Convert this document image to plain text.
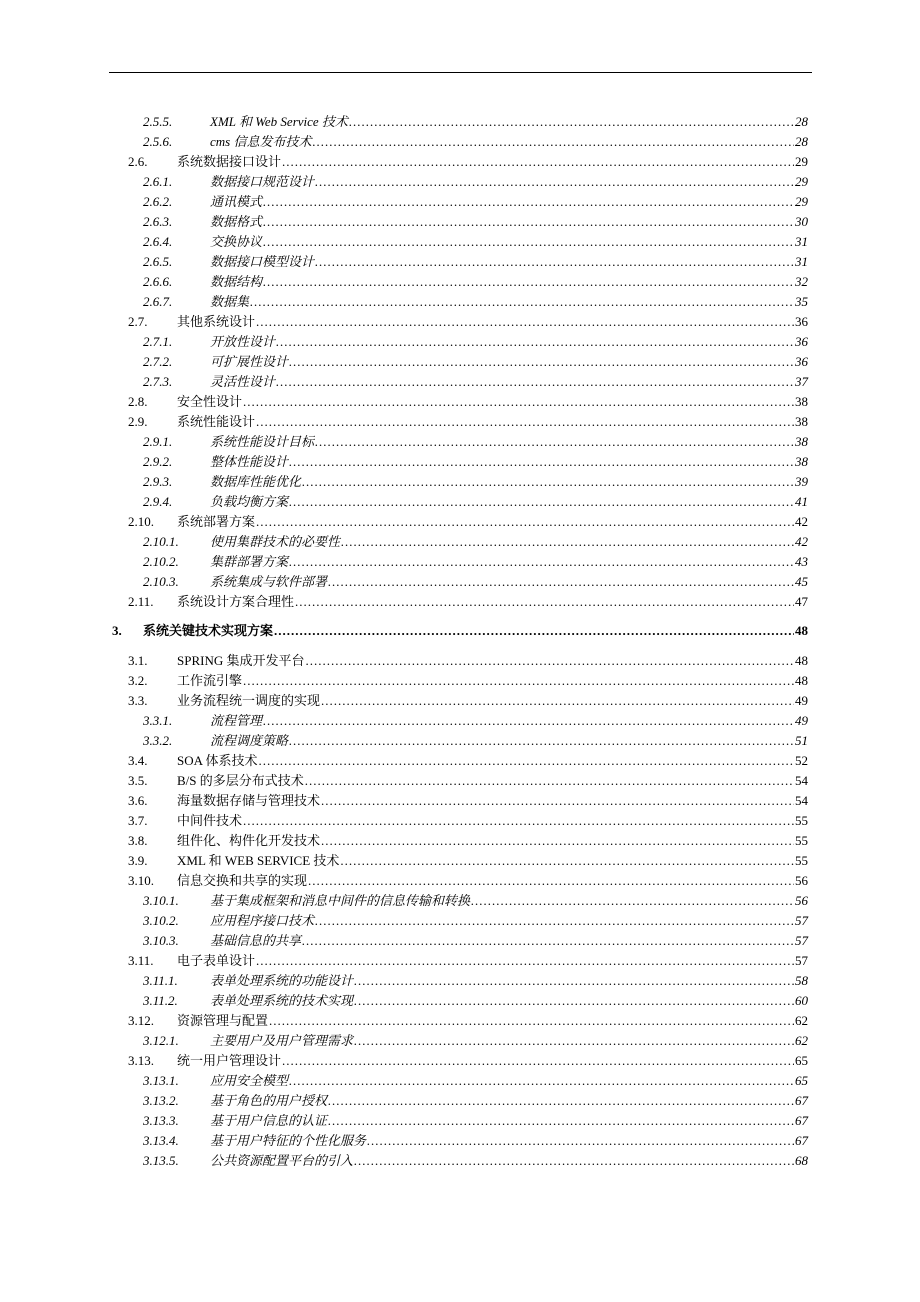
2.5.5.	XML 和 Web Service 技术 .....	28
2.5.6.	cms 信息发布技术 .....	28
2.6. 系统数据接口设计 .....	29
2.6.1.	数据接口规范设计 .....	29
2.6.2.	通讯模式 .....	29
2.6.3.	数据格式 .....	30
2.6.4.	交换协议 .....	31
2.6.5.	数据接口模型设计 .....	31
2.6.6.	数据结构 .....	32
2.6.7.	数据集 .....	35
2.7. 其他系统设计 .....	36
2.7.1.	开放性设计 .....	36
2.7.2.	可扩展性设计 .....	36
2.7.3.	灵活性设计 .....	37
2.8. 安全性设计 .....	38
2.9. 系统性能设计 .....	38
2.9.1.	系统性能设计目标 .....	38
2.9.2.	整体性能设计 .....	38
2.9.3.	数据库性能优化 .....	39
2.9.4.	负载均衡方案 .....	41
2.10. 系统部署方案 .....	42
2.10.1. 使用集群技术的必要性 .....	42
2.10.2. 集群部署方案 .....	43
2.10.3. 系统集成与软件部署 .....	45
2.11. 系统设计方案合理性 .....	47
3. 系统关键技术实现方案 .....	48
3.1. SPRING 集成开发平台 .....	48
3.2. 工作流引擎 .....	48
3.3. 业务流程统一调度的实现 .....	49
3.3.1.	流程管理 .....	49
3.3.2.	流程调度策略 .....	51
3.4. SOA 体系技术 .....	52
3.5. B/S 的多层分布式技术 .....	54
3.6. 海量数据存储与管理技术 .....	54
3.7. 中间件技术 .....	55
3.8. 组件化、构件化开发技术 .....	55
3.9. XML 和 WEB SERVICE 技术 .....	55
3.10. 信息交换和共享的实现 .....	56
3.10.1. 基于集成框架和消息中间件的信息传输和转换 .....	56
3.10.2. 应用程序接口技术 .....	57
3.10.3. 基础信息的共享 .....	57
3.11. 电子表单设计 .....	57
3.11.1. 表单处理系统的功能设计 .....	58
3.11.2. 表单处理系统的技术实现 .....	60
3.12. 资源管理与配置 .....	62
3.12.1. 主要用户及用户管理需求 .....	62
3.13. 统一用户管理设计 .....	65
3.13.1. 应用安全模型 .....	65
3.13.2. 基于角色的用户授权 .....	67
3.13.3. 基于用户信息的认证 .....	67
3.13.4. 基于用户特征的个性化服务 .....	67
3.13.5. 公共资源配置平台的引入 .....	68
